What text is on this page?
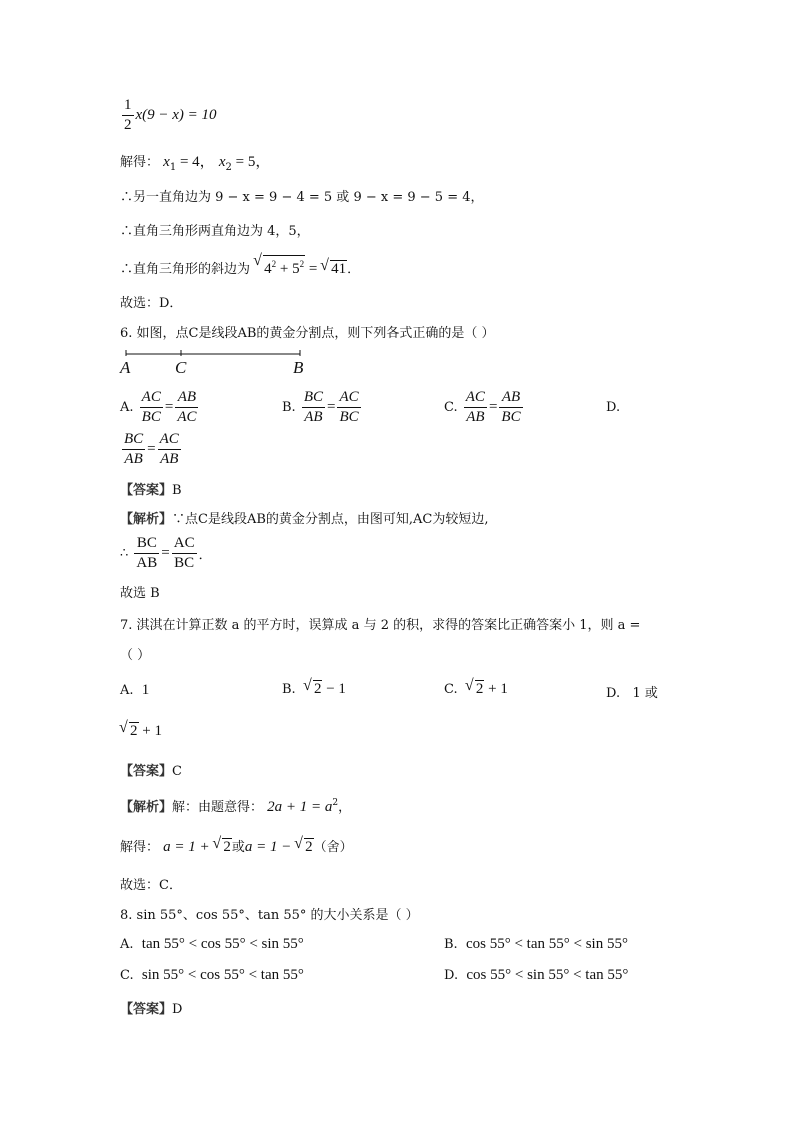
$\frac{1}{2} x(9 - x) = 10$
解得： $x_1 = 4$， $x_2 = 5$，
∴另一直角边为 9 − x = 9 − 4 = 5 或 9 − x = 9 − 5 = 4，
∴直角三角形两直角边为 4，5，
∴直角三角形的斜边为 √ $4^2 + 5^2$ = √ 41．
故选：D．
6. 如图，点C是线段AB的黄金分割点，则下列各式正确的是（ ）
A	C	B
A. $\frac{AC}{BC} = \frac{AB}{AC}$	B. $\frac{BC}{AB} = \frac{AC}{BC}$	C. $\frac{AC}{AB} = \frac{AB}{BC}$	D.
$\frac{BC}{AB} = \frac{AC}{AB}$
【答案】B
【解析】∵点C是线段AB的黄金分割点，由图可知,AC为较短边,
∴ $\frac{BC}{AB} = \frac{AC}{BC}$ ．
故选 B
7. 淇淇在计算正数 a 的平方时，误算成 a 与 2 的积，求得的答案比正确答案小 1，则 a =
（ ）
A. 1	B. √ 2 − 1	C. √ 2 + 1	D. 1 或
√ 2 + 1
【答案】C
【解析】解：由题意得： $2a + 1 = a^2$，
解得： a = 1 + √ 2或a = 1 − √ 2（舍）
故选：C．
8. sin 55°、cos 55°、tan 55° 的大小关系是（ ）
A. tan 55° < cos 55° < sin 55°	B. cos 55° < tan 55° < sin 55°
C. sin 55° < cos 55° < tan 55°	D. cos 55° < sin 55° < tan 55°
【答案】D
